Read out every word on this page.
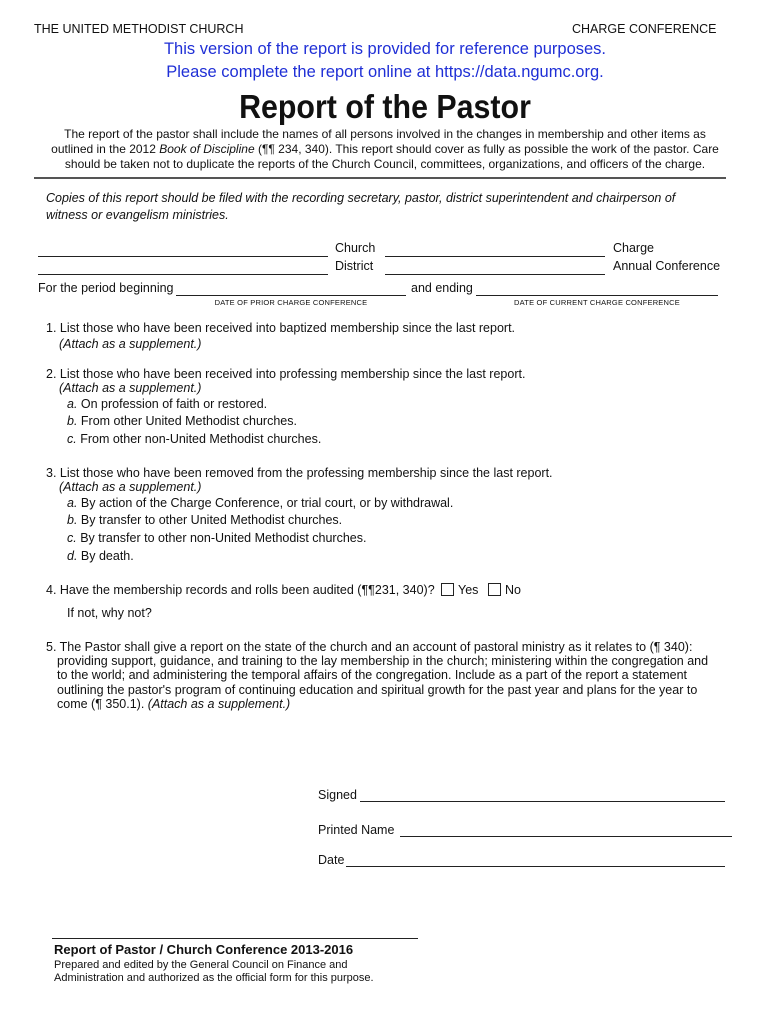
THE UNITED METHODIST CHURCH	CHARGE CONFERENCE
This version of the report is provided for reference purposes.
Please complete the report online at https://data.ngumc.org.
Report of the Pastor
The report of the pastor shall include the names of all persons involved in the changes in membership and other items as
outlined in the 2012 Book of Discipline (¶¶ 234, 340). This report should cover as fully as possible the work of the pastor. Care
should be taken not to duplicate the reports of the Church Council, committees, organizations, and officers of the charge.
Copies of this report should be filed with the recording secretary, pastor, district superintendent and chairperson of
witness or evangelism ministries.
Church	Charge
District	Annual Conference
For the period beginning
DATE OF PRIOR CHARGE CONFERENCE
and ending
DATE OF CURRENT CHARGE CONFERENCE
1. List those who have been received into baptized membership since the last report.
(Attach as a supplement.)
2. List those who have been received into professing membership since the last report.
(Attach as a supplement.)
a. On profession of faith or restored.
b. From other United Methodist churches.
c. From other non-United Methodist churches.
3. List those who have been removed from the professing membership since the last report.
(Attach as a supplement.)
a. By action of the Charge Conference, or trial court, or by withdrawal.
b. By transfer to other United Methodist churches.
c. By transfer to other non-United Methodist churches.
d. By death.
4. Have the membership records and rolls been audited (¶¶231, 340)? Yes No
If not, why not?
5. The Pastor shall give a report on the state of the church and an account of pastoral ministry as it relates to (¶ 340):
providing support, guidance, and training to the lay membership in the church; ministering within the congregation and
to the world; and administering the temporal affairs of the congregation. Include as a part of the report a statement
outlining the pastor's program of continuing education and spiritual growth for the past year and plans for the year to
come (¶ 350.1). (Attach as a supplement.)
Signed
Printed Name
Date
Report of Pastor / Church Conference 2013-2016
Prepared and edited by the General Council on Finance and
Administration and authorized as the official form for this purpose.
